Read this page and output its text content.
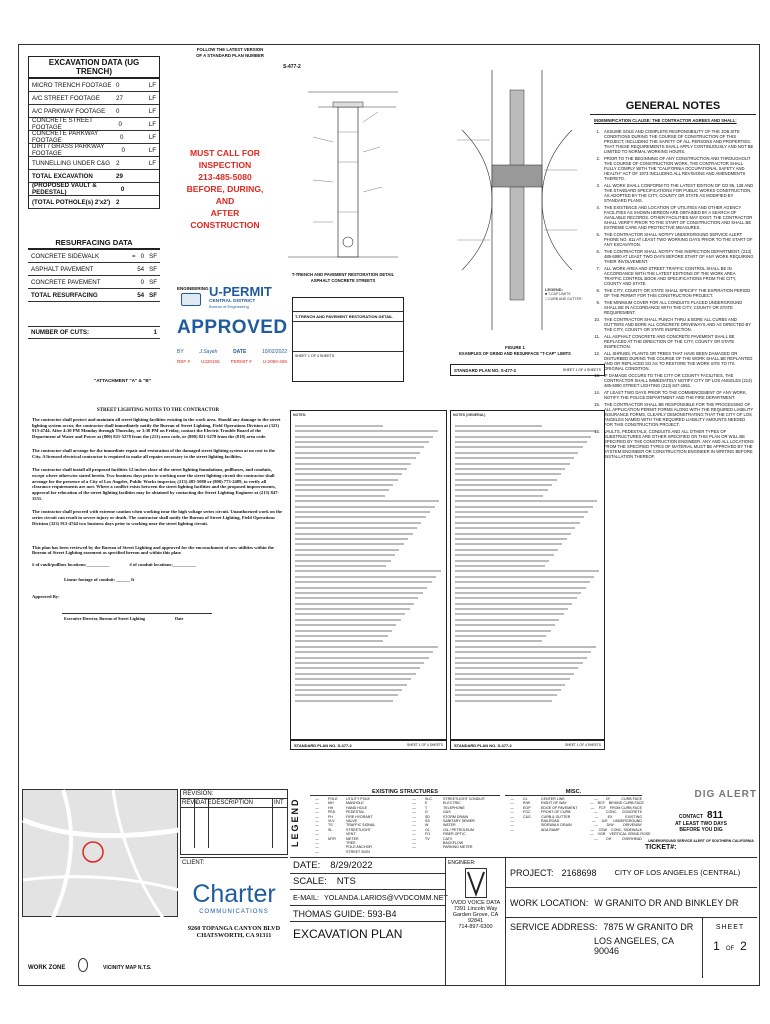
FOLLOW THE LATEST VERSION
OF A STANDARD PLAN NUMBER
EXCAVATION DATA (UG TRENCH)
MICRO TRENCH FOOTAGE 0	LF
A/C STREET FOOTAGE	27	LF
A/C PARKWAY FOOTAGE 0	LF
CONCRETE STREET FOOTAGE	0	LF
CONCRETE PARKWAY FOOTAGE	0	LF
DIRT / GRASS PARKWAY FOOTAGE	0	LF
TUNNELLING UNDER C&G 2	LF
TOTAL EXCAVATION	29
(PROPOSED VAULT & PEDESTAL)	0
(TOTAL POTHOLE(s) 2'x2') 2
MUST CALL FOR
INSPECTION
213-485-5080
BEFORE, DURING, AND
AFTER CONSTRUCTION
S-477-2

T-TRENCH AND PAVEMENT RESTORATION DETAIL
ASPHALT CONCRETE STREETS
LEGEND:
■ T-CAP LIMITS
□ CURB AND GUTTER
FIGURE 1
EXAMPLES OF GRIND AND RESURFACE "T-CAP" LIMITS
STANDARD PLAN NO. S-477-2	SHEET 1 OF 4 SHEETS
RESURFACING DATA
CONCRETE SIDEWALK	= 0 SF
ASPHALT PAVEMENT	54 SF
CONCRETE PAVEMENT	0 SF
TOTAL RESURFACING	54 SF
NUMBER OF CUTS:	1
ENGINEERING U-PERMIT
CENTRAL DISTRICT
Bureau of Engineering
APPROVED
BY	J.Sayeh	DATE	10/02/2022
REF # U220165 PERMIT # U-2050-469

T-TRENCH AND PAVEMENT RESTORATION DETAIL
SHEET 1 OF 4 SHEETS
"ATTACHMENT "A" & "B"
STREET LIGHTING NOTES TO THE CONTRACTOR

The contractor shall protect and maintain all street lighting facilities existing in the work area. Should any damage to the street lighting system occur, the contractor shall immediately notify the Bureau of Street Lighting, Field Operations Division at (323) 913-4744. After 4:30 PM Monday through Thursday, or 3:30 PM on Friday, contact the Electric Trouble Board of the Department of Water and Power at (800) 821-5278 from the (213) area code, or (800) 821-5278 from the (818) area code.

The contractor shall arrange for the immediate repair and restoration of the damaged street lighting system at no cost to the City. A licensed electrical contractor is required to make all repairs necessary to the street lighting facilities.

The contractor shall install all proposed facilities 12 inches clear of the street lighting foundations, pullboxes, and conduits, except where otherwise stated herein. Two business days prior to working near the street lighting circuit the contractor shall arrange for the presence of a City of Los Angeles, Public Works inspector, (213) 485-5080 or (800) 773-2489, to verify all clearance requirements are met. Where a conflict exists between the street lighting facilities and the proposed improvements, approval for relocation of the street lighting facilities may be obtained by contacting the Street Lighting Engineer at (213) 847-1551.

The contractor shall proceed with extreme caution when working near the high voltage series circuit. Unauthorized work on the series circuit can result in severe injury or death. The contractor shall notify the Bureau of Street Lighting, Field Operations Division (323) 913-4744 two business days prior to working near the street lighting circuit.

This plan has been reviewed by the Bureau of Street Lighting and approved for the encroachment of new utilities within the Bureau of Street Lighting easement as specified hereon and within this plan:

# of vault/pullbox locations:__________	# of conduit locations:__________
Linear footage of conduit: ______ ft
Approved By:
Executive Director, Bureau of Street Lighting	Date
NOTES:
STANDARD PLAN NO. S-477-2	SHEET 1 OF 4 SHEETS
NOTES (GENERAL)
STANDARD PLAN NO. S-477-2	SHEET 1 OF 4 SHEETS
GENERAL NOTES
INDEMNIFICATION CLAUSE: THE CONTRACTOR AGREES AND SHALL:
1. ASSUME SOLE AND COMPLETE RESPONSIBILITY OF THE JOB SITE CONDITIONS DURING THE COURSE OF CONSTRUCTION OF THIS PROJECT, INCLUDING THE SAFETY OF ALL PERSONS AND PROPERTIES. THAT THESE REQUIREMENTS SHALL APPLY CONTINUOUSLY AND NOT BE LIMITED TO NORMAL WORKING HOURS.
2. PRIOR TO THE BEGINNING OF ANY CONSTRUCTION AND THROUGHOUT THE COURSE OF CONSTRUCTION WORK, THE CONTRACTOR SHALL FULLY COMPLY WITH THE "CALIFORNIA OCCUPATIONAL SAFETY AND HEALTH" ACT OF 1973 INCLUDING ALL REVISIONS AND AMENDMENTS THERETO.
3. ALL WORK SHALL CONFORM TO THE LATEST EDITION OF GO 95, 128 AND THE STANDARD SPECIFICATIONS FOR PUBLIC WORKS CONSTRUCTION, AS ADOPTED BY THE CITY, COUNTY OR STATE AS MODIFIED BY STANDARD PLANS.
4. THE EXISTENCE AND LOCATION OF UTILITIES AND OTHER AGENCY FACILITIES AS SHOWN HEREON ARE OBTAINED BY A SEARCH OF AVAILABLE RECORDS. OTHER FACILITIES MAY EXIST. THE CONTRACTOR SHALL VERIFY PRIOR TO THE START OF CONSTRUCTION AND SHALL BE EXTREME CARE AND PROTECTIVE MEASURES.
5. THE CONTRACTOR SHALL NOTIFY UNDERGROUND SERVICE ALERT PHONE NO. 811 AT LEAST TWO WORKING DAYS PRIOR TO THE START OF ANY EXCAVATION.
6. THE CONTRACTOR SHALL NOTIFY THE INSPECTION DEPARTMENT, (213) 485-5080 AT LEAST TWO DAYS BEFORE START OF ANY WORK REQUIRING THEIR INVOLVEMENT.
7. ALL WORK AREA AND STREET TRAFFIC CONTROL SHALL BE IN ACCORDANCE WITH THE LATEST EDITIONS OF THE WORK AREA TRAFFIC CONTROL BOOK AND SPECIFICATIONS FROM THE CITY, COUNTY AND STATE.
8. THE CITY, COUNTY OR STATE SHALL SPECIFY THE EXPIRATION PERIOD OF THE PERMIT FOR THIS CONSTRUCTION PROJECT.
9. THE MINIMUM COVER FOR ALL CONDUITS PLACED UNDERGROUND SHALL BE IN ACCORDANCE WITH THE CITY, COUNTY OR STATE REQUIREMENT.
10. THE CONTRACTOR SHALL PUNCH THRU & BORE ALL CURBS AND GUTTERS AND BORE ALL CONCRETE DRIVEWAYS AND AS DIRECTED BY THE CITY, COUNTY OR STATE INSPECTION.
11. ALL ASPHALT CONCRETE AND CONCRETE PAVEMENT SHALL BE REPLACED AT THE DIRECTION OF THE CITY, COUNTY OR STATE INSPECTION.
12. ALL SHRUBS, PLANTS OR TREES THAT HAVE BEEN DAMAGED OR DISTURBED DURING THE COURSE OF THE WORK SHALL BE REPLANTED AND OR REPLACED SO AS TO RESTORE THE WORK SITE TO ITS ORIGINAL CONDITION.
13. IF DAMAGE OCCURS TO THE CITY OR COUNTY FACILITIES, THE CONTRACTOR SHALL IMMEDIATELY NOTIFY CITY OF LOS ANGELES (213) 485-5080 STREET LIGHTING (213) 847-1551.
14. AT LEAST TWO DAYS PRIOR TO THE COMMENCEMENT OF ANY WORK, NOTIFY THE POLICE DEPARTMENT AND THE FIRE DEPARTMENT.
15. THE CONTRACTOR SHALL BE RESPONSIBLE FOR THE PROCESSING OF ALL APPLICATION PERMIT FORMS ALONG WITH THE REQUIRED LIABILITY INSURANCE FORMS, CLEARLY DEMONSTRATING THAT THE CITY OF LOS ANGELES NAMED WITH THE REQUIRED LIABILITY AMOUNTS NEEDED FOR THIS CONSTRUCTION PROJECT.
16. VAULTS, PEDESTALS, CONDUITS AND ALL OTHER TYPES OF SUBSTRUCTURES ARE OTHER SPECIFIED ON THIS PLAN OR WILL BE SPECIFIED BY THE CONSTRUCTION ENGINEER. ANY AND ALL LOCATIONS FROM THE SPECIFIED TYPES OF MATERIAL MUST BE APPROVED BY THE SYSTEM ENGINEER OR CONSTRUCTION ENGINEER IN WRITING BEFORE INSTALLATION THEREOF.
REVISION:
REV#
DATE DESCRIPTION	INT
WORK ZONE	VICINITY MAP N.T.S.
LEGEND
EXISTING STRUCTURES	MISC.
—	POLE	UTILITY POLE
—	MH	MANHOLE
—	HH	HAND HOLE
—	PED	PEDESTAL
—	FH	FIRE HYDRANT
—	VLV	VALVE
—	TS	TRAFFIC SIGNAL
—	SL	STREETLIGHT
—	VENT
—	MTR	METER
—	TREE
—	POLE ANCHOR
—	STREET SIGN
—	SLC	STREETLIGHT CONDUIT
—	E	ELECTRIC
—	T	TELEPHONE
—	G	GAS
—	SD	STORM DRAIN
—	SS	SANITARY SEWER
—	W	WATER
—	OL	OIL / PETROLEUM
—	FO	FIBER OPTIC
—	TV	CATV
—	BACKFLOW
—	PARKING METER
—	CL	CENTER LINE
—	R/W	RIGHT OF WAY
—	EOP	EDGE OF PAVEMENT
—	FOC	FRONT OF CURB
—	C&G	CURB & GUTTER
—	RAILROAD
—	SIDEWALK DRAIN
—	ADA RAMP
—	CF	CURB FACE
— BCF BEHIND CURB FACE
— FCF FROM CURB FACE
—	CONC	CONCRETE
—	EX	EXISTING
—	U/E	UNDERGROUND
—	D/W	DRIVEWAY
— CSW CONC. SIDEWALK
— VGR VERTICAL GRIND ROSE
—	OH	OVERHEAD
DIG ALERT
CONTACT 811
AT LEAST TWO DAYS
BEFORE YOU DIG
UNDERGROUND SERVICE ALERT OF SOUTHERN CALIFORNIA
TICKET#:
CLIENT:
Charter
COMMUNICATIONS
9260 TOPANGA CANYON BLVD
CHATSWORTH, CA 91311
DATE: 8/29/2022
SCALE: NTS
E-MAIL: YOLANDA.LARIOS@VVDCOMM.NET
THOMAS GUIDE: 593-B4
EXCAVATION PLAN
ENGINEER:
VVDD VOICE DATA
7391 Lincoln Way
Garden Grove, CA 92841
714-897-6300
PROJECT: 2168698 CITY OF LOS ANGELES (CENTRAL)
WORK LOCATION: W GRANITO DR AND BINKLEY DR
SERVICE ADDRESS: 7875 W GRANITO DR
LOS ANGELES, CA 90046
SHEET
1 OF 2
